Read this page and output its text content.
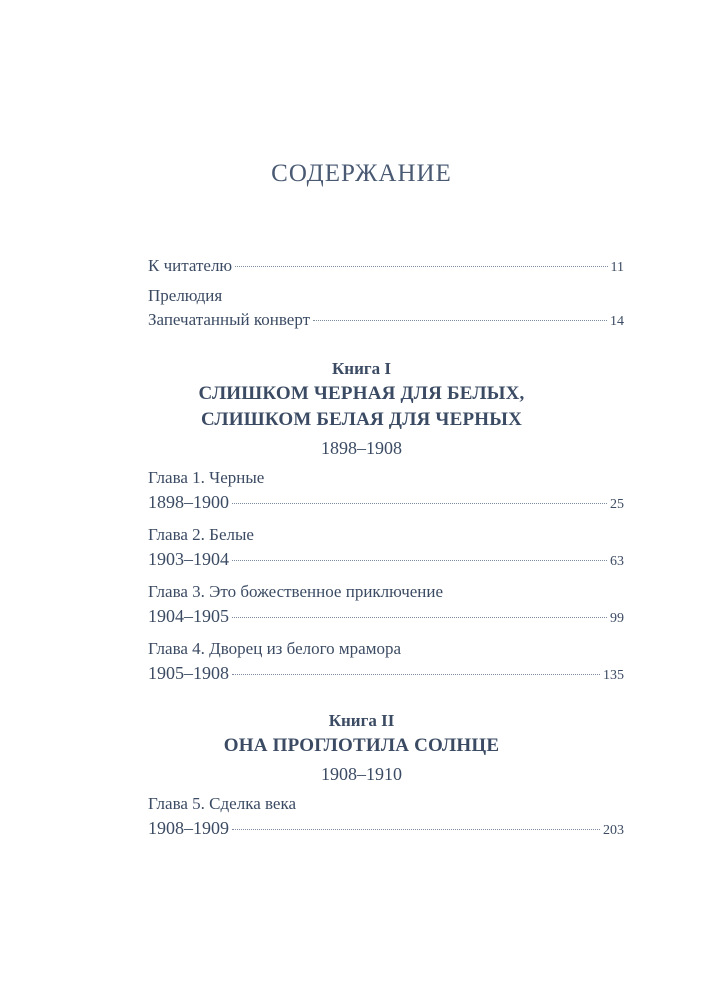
СОДЕРЖАНИЕ
К читателю	11
Прелюдия
Запечатанный конверт	14
Книга I
СЛИШКОМ ЧЕРНАЯ ДЛЯ БЕЛЫХ,
СЛИШКОМ БЕЛАЯ ДЛЯ ЧЕРНЫХ
1898–1908
Глава 1. Черные
1898–1900	25
Глава 2. Белые
1903–1904	63
Глава 3. Это божественное приключение
1904–1905	99
Глава 4. Дворец из белого мрамора
1905–1908	135
Книга II
ОНА ПРОГЛОТИЛА СОЛНЦЕ
1908–1910
Глава 5. Сделка века
1908–1909	203
